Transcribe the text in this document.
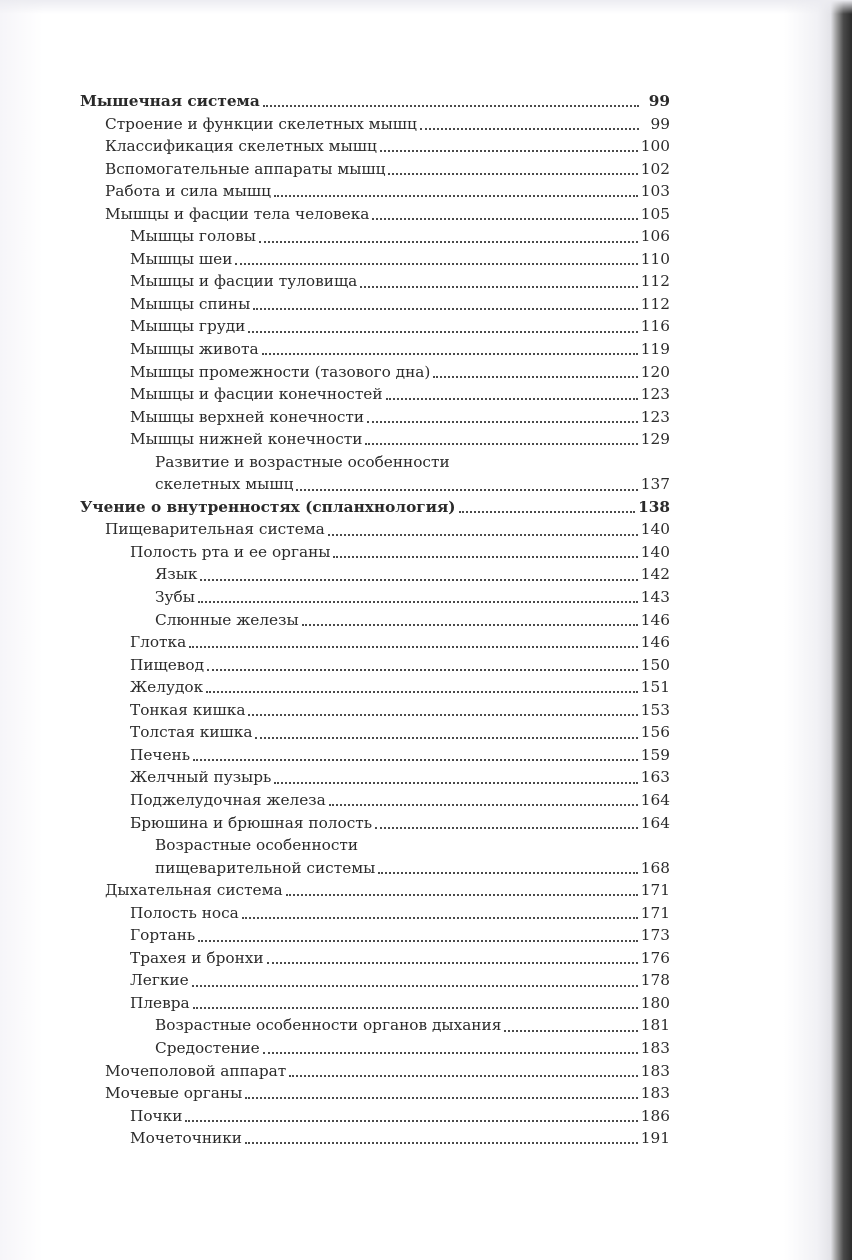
Мышечная система	99
Строение и функции скелетных мышц	99
Классификация скелетных мышц	100
Вспомогательные аппараты мышц	102
Работа и сила мышц	103
Мышцы и фасции тела человека	105
Мышцы головы	106
Мышцы шеи	110
Мышцы и фасции туловища	112
Мышцы спины	112
Мышцы груди	116
Мышцы живота	119
Мышцы промежности (тазового дна)	120
Мышцы и фасции конечностей	123
Мышцы верхней конечности	123
Мышцы нижней конечности	129
Развитие и возрастные особенности
скелетных мышц	137
Учение о внутренностях (спланхнология)	138
Пищеварительная система	140
Полость рта и ее органы	140
Язык	142
Зубы	143
Слюнные железы	146
Глотка	146
Пищевод	150
Желудок	151
Тонкая кишка	153
Толстая кишка	156
Печень	159
Желчный пузырь	163
Поджелудочная железа	164
Брюшина и брюшная полость	164
Возрастные особенности
пищеварительной системы	168
Дыхательная система	171
Полость носа	171
Гортань	173
Трахея и бронхи	176
Легкие	178
Плевра	180
Возрастные особенности органов дыхания	181
Средостение	183
Мочеполовой аппарат	183
Мочевые органы	183
Почки	186
Мочеточники	191
